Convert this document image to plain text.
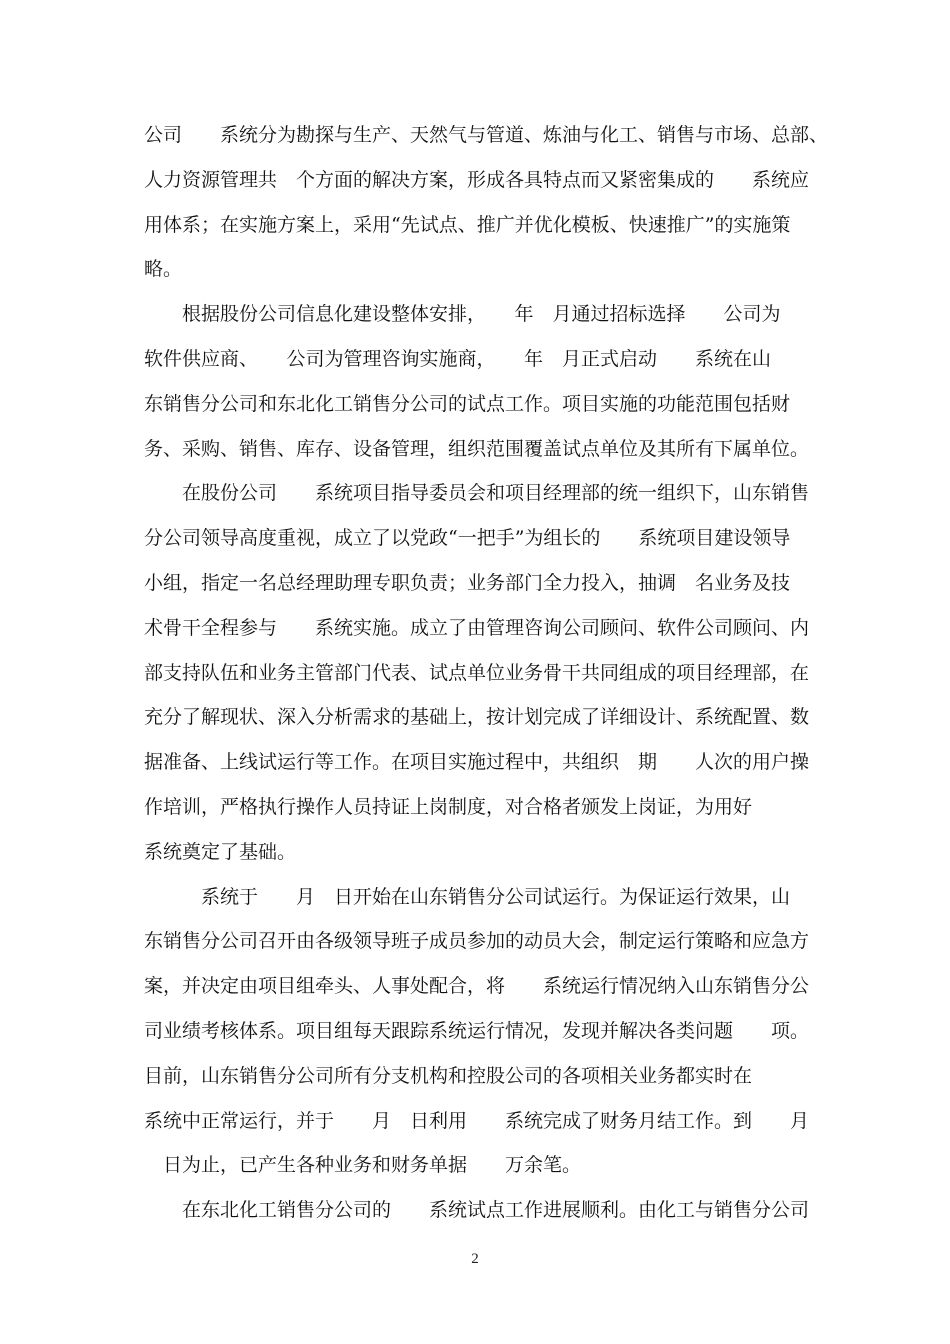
公司　　系统分为勘探与生产、天然气与管道、炼油与化工、销售与市场、总部、

人力资源管理共　个方面的解决方案，形成各具特点而又紧密集成的　　系统应

用体系；在实施方案上，采用“先试点、推广并优化模板、快速推广”的实施策

略。

　　根据股份公司信息化建设整体安排，　　年　月通过招标选择　　公司为

软件供应商、　　公司为管理咨询实施商，　　年　月正式启动　　系统在山

东销售分公司和东北化工销售分公司的试点工作。项目实施的功能范围包括财

务、采购、销售、库存、设备管理，组织范围覆盖试点单位及其所有下属单位。

　　在股份公司　　系统项目指导委员会和项目经理部的统一组织下，山东销售

分公司领导高度重视，成立了以党政“一把手”为组长的　　系统项目建设领导

小组，指定一名总经理助理专职负责；业务部门全力投入，抽调　名业务及技

术骨干全程参与　　系统实施。成立了由管理咨询公司顾问、软件公司顾问、内

部支持队伍和业务主管部门代表、试点单位业务骨干共同组成的项目经理部，在

充分了解现状、深入分析需求的基础上，按计划完成了详细设计、系统配置、数

据准备、上线试运行等工作。在项目实施过程中，共组织　期　　人次的用户操

作培训，严格执行操作人员持证上岗制度，对合格者颁发上岗证，为用好

系统奠定了基础。

　　　系统于　　月　日开始在山东销售分公司试运行。为保证运行效果，山

东销售分公司召开由各级领导班子成员参加的动员大会，制定运行策略和应急方

案，并决定由项目组牵头、人事处配合，将　　系统运行情况纳入山东销售分公

司业绩考核体系。项目组每天跟踪系统运行情况，发现并解决各类问题　　项。

目前，山东销售分公司所有分支机构和控股公司的各项相关业务都实时在

系统中正常运行，并于　　月　日利用　　系统完成了财务月结工作。到　　月

　日为止，已产生各种业务和财务单据　　万余笔。

　　在东北化工销售分公司的　　系统试点工作进展顺利。由化工与销售分公司

2
